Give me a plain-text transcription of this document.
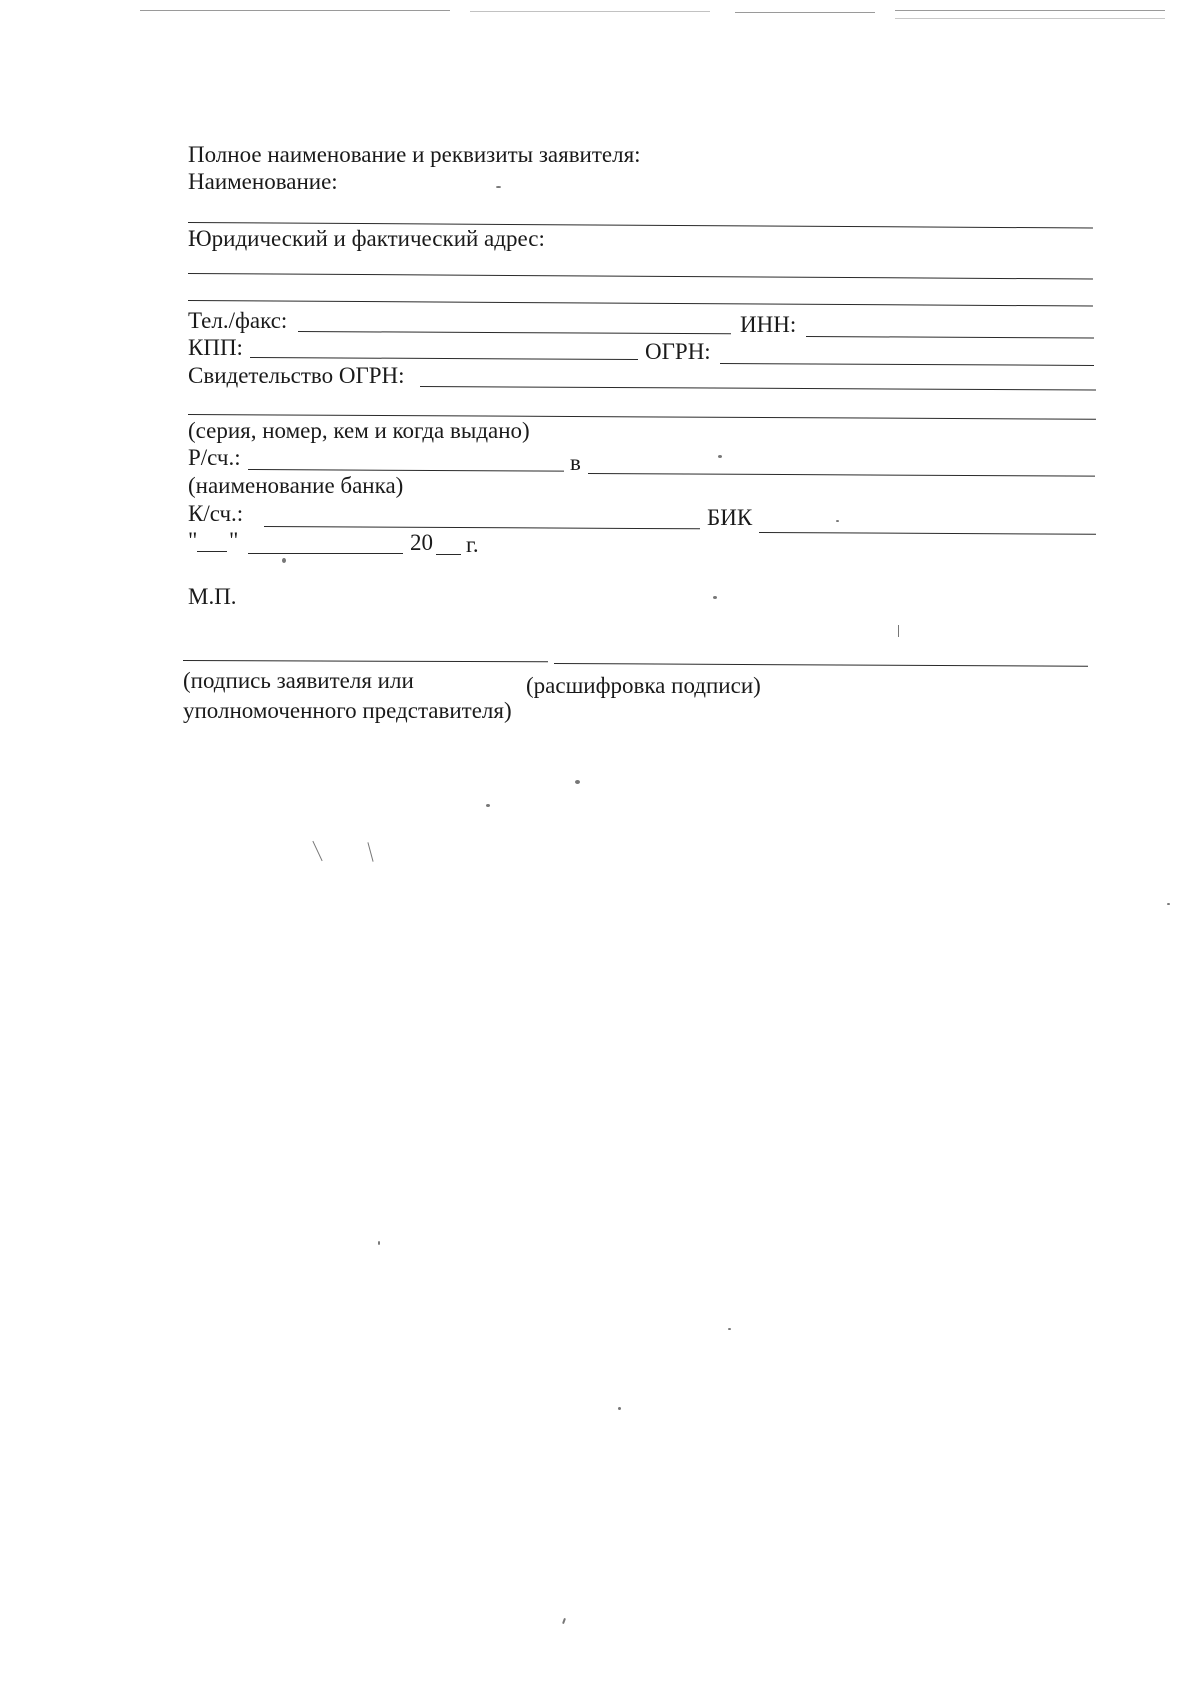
Полное наименование и реквизиты заявителя:
Наименование:
Юридический и фактический адрес:
Тел./факс:	ИНН:
КПП:	ОГРН:
Свидетельство ОГРН:
(серия, номер, кем и когда выдано)
Р/сч.:	в
(наименование банка)
К/сч.:	БИК
" "	20 г.
М.П.
(подпись заявителя или
уполномоченного представителя)
(расшифровка подписи)
